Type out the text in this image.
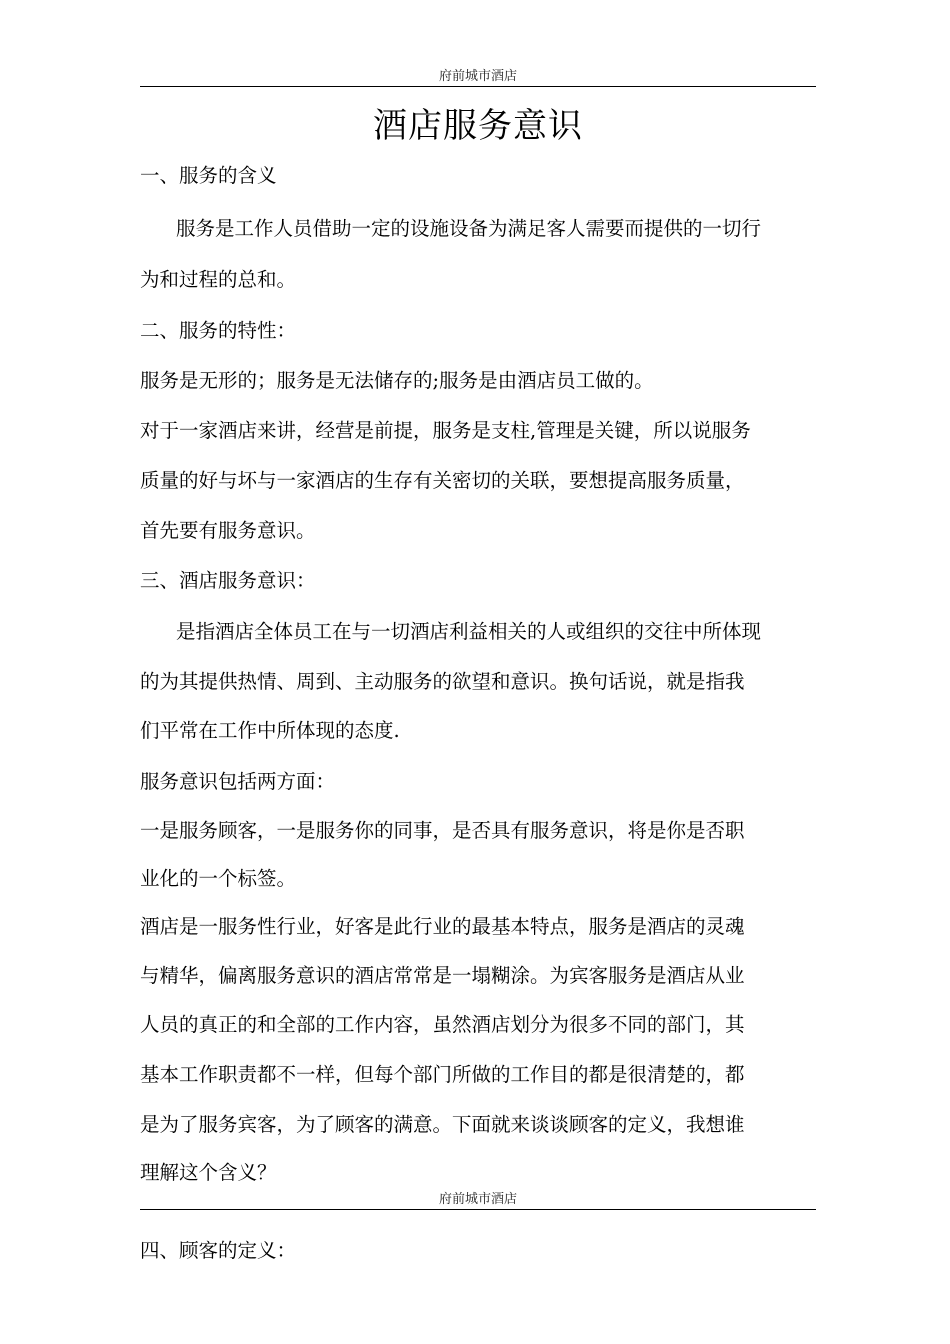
府前城市酒店
酒店服务意识
一、服务的含义
服务是工作人员借助一定的设施设备为满足客人需要而提供的一切行
为和过程的总和。
二、服务的特性：
服务是无形的；服务是无法储存的;服务是由酒店员工做的。
对于一家酒店来讲，经营是前提，服务是支柱,管理是关键，所以说服务
质量的好与坏与一家酒店的生存有关密切的关联，要想提高服务质量，
首先要有服务意识。
三、酒店服务意识：
是指酒店全体员工在与一切酒店利益相关的人或组织的交往中所体现
的为其提供热情、周到、主动服务的欲望和意识。换句话说，就是指我
们平常在工作中所体现的态度.
服务意识包括两方面：
一是服务顾客，一是服务你的同事，是否具有服务意识，将是你是否职
业化的一个标签。
酒店是一服务性行业，好客是此行业的最基本特点，服务是酒店的灵魂
与精华，偏离服务意识的酒店常常是一塌糊涂。为宾客服务是酒店从业
人员的真正的和全部的工作内容，虽然酒店划分为很多不同的部门，其
基本工作职责都不一样，但每个部门所做的工作目的都是很清楚的，都
是为了服务宾客，为了顾客的满意。下面就来谈谈顾客的定义，我想谁
理解这个含义？
府前城市酒店
四、顾客的定义：
